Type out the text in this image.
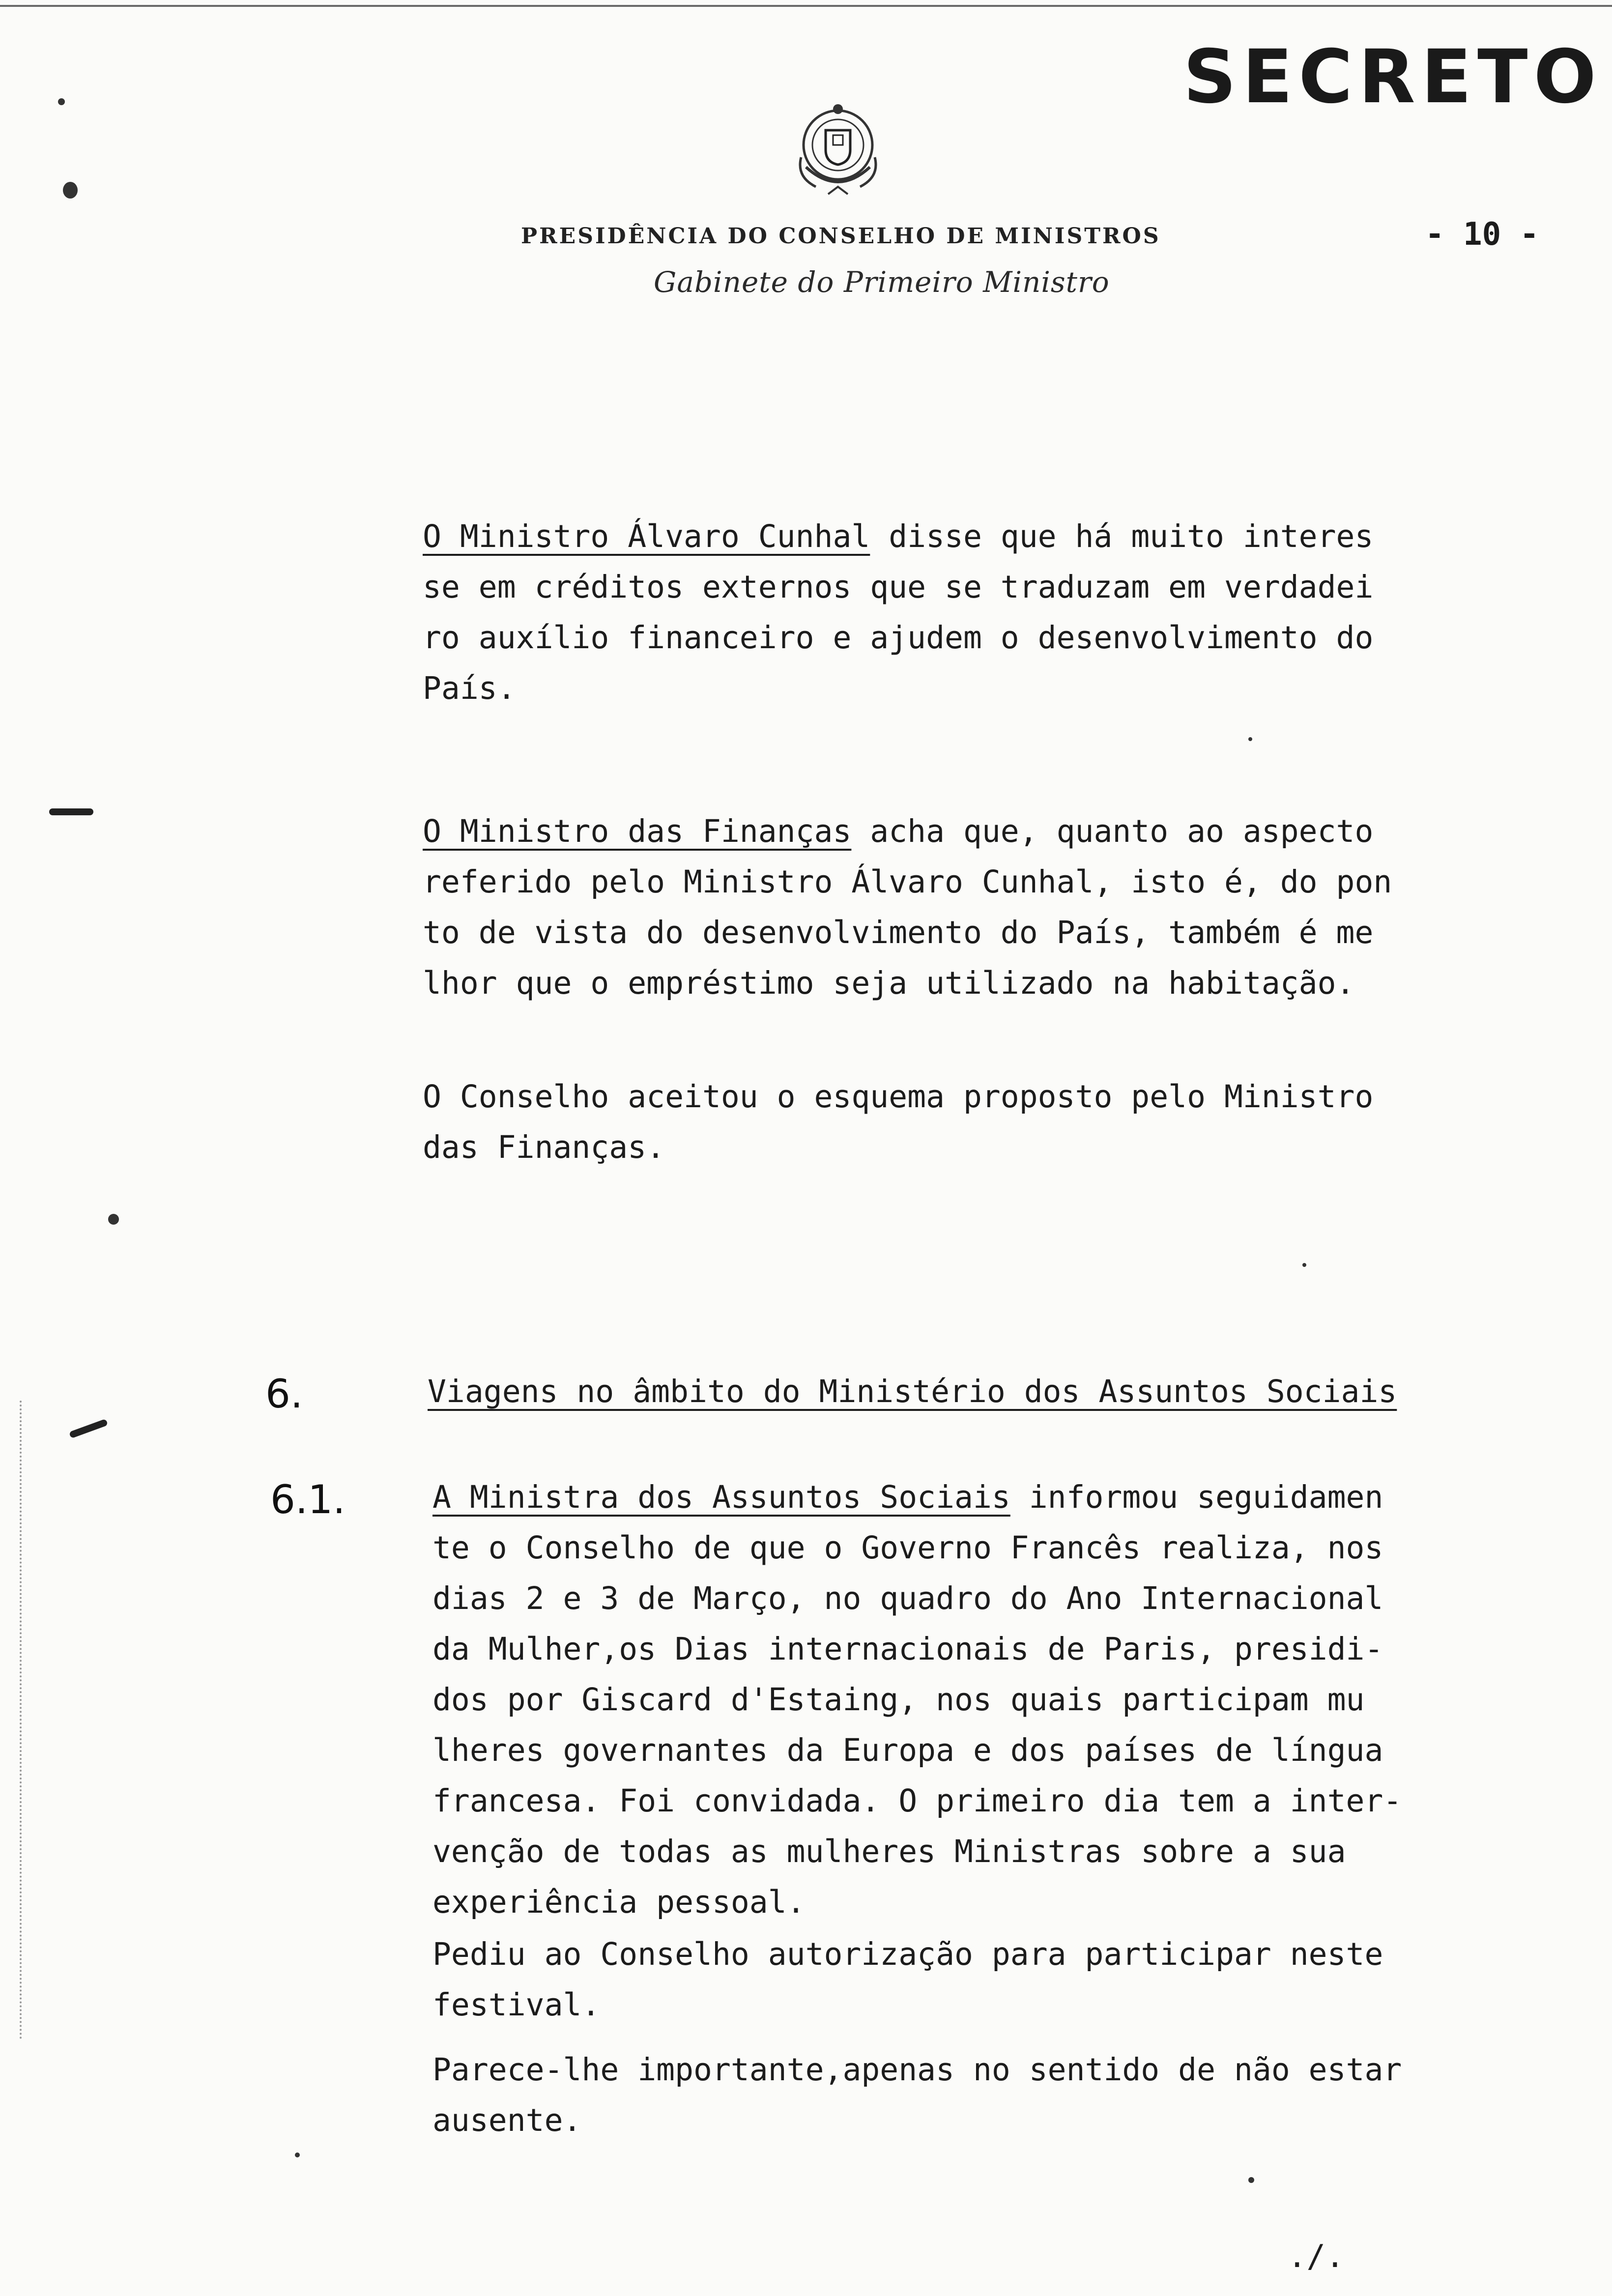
SECRETO
PRESIDÊNCIA DO CONSELHO DE MINISTROS
Gabinete do Primeiro Ministro
- 10 -
O Ministro Álvaro Cunhal disse que há muito interes
se em créditos externos que se traduzam em verdadei
ro auxílio financeiro e ajudem o desenvolvimento do
País.
O Ministro das Finanças acha que, quanto ao aspecto
referido pelo Ministro Álvaro Cunhal, isto é, do pon
to de vista do desenvolvimento do País, também é me
lhor que o empréstimo seja utilizado na habitação.
O Conselho aceitou o esquema proposto pelo Ministro
das Finanças.
6.	Viagens no âmbito do Ministério dos Assuntos Sociais
6.1.	A Ministra dos Assuntos Sociais informou seguidamen
te o Conselho de que o Governo Francês realiza, nos
dias 2 e 3 de Março, no quadro do Ano Internacional
da Mulher,os Dias internacionais de Paris, presidi-
dos por Giscard d'Estaing, nos quais participam mu
lheres governantes da Europa e dos países de língua
francesa. Foi convidada. O primeiro dia tem a inter-
venção de todas as mulheres Ministras sobre a sua
experiência pessoal.
Pediu ao Conselho autorização para participar neste
festival.
Parece-lhe importante,apenas no sentido de não estar
ausente.
./.
